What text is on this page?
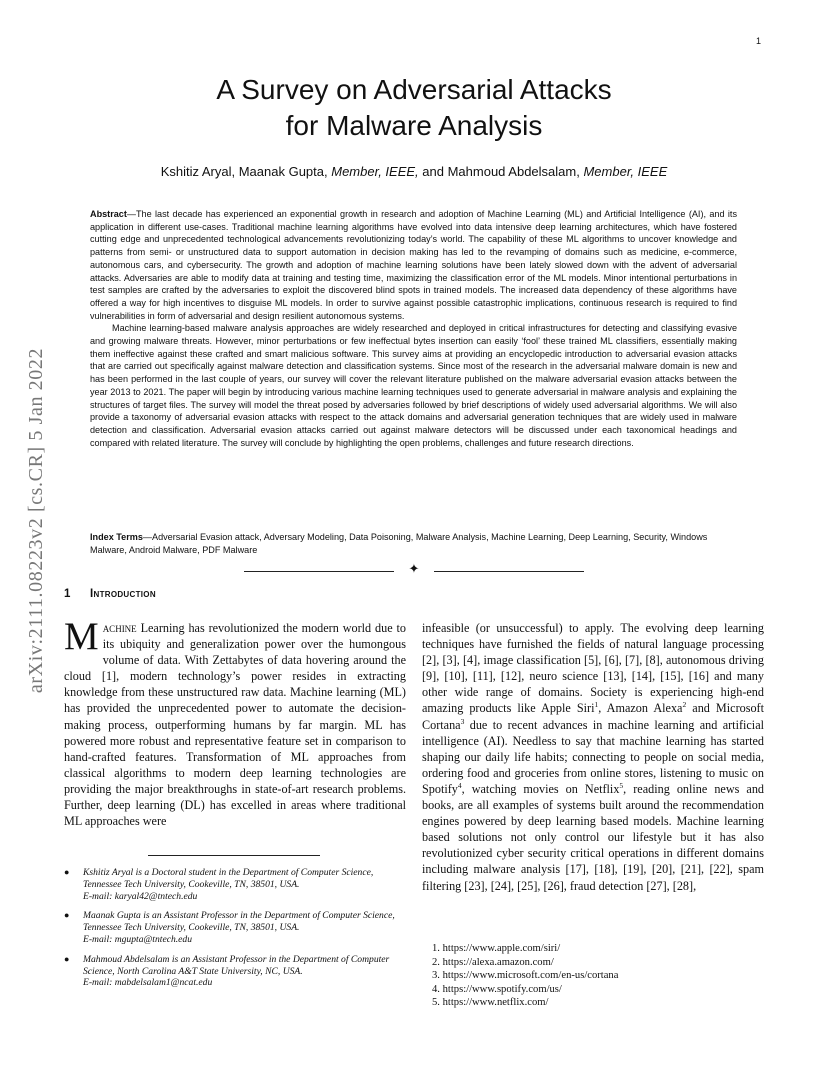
1
arXiv:2111.08223v2 [cs.CR] 5 Jan 2022
A Survey on Adversarial Attacks
for Malware Analysis

Kshitiz Aryal, Maanak Gupta, Member, IEEE, and Mahmoud Abdelsalam, Member, IEEE

Abstract—The last decade has experienced an exponential growth in research and adoption of Machine Learning (ML) and Artificial Intelligence (AI), and its application in different use-cases. Traditional machine learning algorithms have evolved into data intensive deep learning architectures, which have fostered cutting edge and unprecedented technological advancements revolutionizing today’s world. The capability of these ML algorithms to uncover knowledge and patterns from semi- or unstructured data to support automation in decision making has led to the revamping of domains such as medicine, e-commerce, autonomous cars, and cybersecurity. The growth and adoption of machine learning solutions have been lately slowed down with the advent of adversarial attacks. Adversaries are able to modify data at training and testing time, maximizing the classification error of the ML models. Minor intentional perturbations in test samples are crafted by the adversaries to exploit the discovered blind spots in trained models. The increased data dependency of these algorithms have offered a way for high incentives to disguise ML models. In order to survive against possible catastrophic implications, continuous research is required to find vulnerabilities in form of adversarial and design resilient autonomous systems.

Machine learning-based malware analysis approaches are widely researched and deployed in critical infrastructures for detecting and classifying evasive and growing malware threats. However, minor perturbations or few ineffectual bytes insertion can easily ‘fool’ these trained ML classifiers, essentially making them ineffective against these crafted and smart malicious software. This survey aims at providing an encyclopedic introduction to adversarial evasion attacks that are carried out specifically against malware detection and classification systems. Since most of the research in the adversarial malware domain is new and has been performed in the last couple of years, our survey will cover the relevant literature published on the malware adversarial evasion attacks between the year 2013 to 2021. The paper will begin by introducing various machine learning techniques used to generate adversarial in malware analysis and explaining the structures of target files. The survey will model the threat posed by adversaries followed by brief descriptions of widely used adversarial algorithms. We will also provide a taxonomy of adversarial evasion attacks with respect to the attack domains and adversarial generation techniques that are widely used in malware detection and classification. Adversarial evasion attacks carried out against malware detectors will be discussed under each taxonomical headings and compared with related literature. The survey will conclude by highlighting the open problems, challenges and future research directions.

Index Terms—Adversarial Evasion attack, Adversary Modeling, Data Poisoning, Malware Analysis, Machine Learning, Deep Learning, Security, Windows Malware, Android Malware, PDF Malware

✦
1 Introduction

Machine Learning has revolutionized the modern world due to its ubiquity and generalization power over the humongous volume of data. With Zettabytes of data hovering around the cloud [1], modern technology’s power resides in extracting knowledge from these unstructured raw data. Machine learning (ML) has provided the unprecedented power to automate the decision-making process, outperforming humans by far margin. ML has powered more robust and representative feature set in comparison to hand-crafted features. Transformation of ML approaches from classical algorithms to modern deep learning technologies are providing the major breakthroughs in state-of-art research problems. Further, deep learning (DL) has excelled in areas where traditional ML approaches were

infeasible (or unsuccessful) to apply. The evolving deep learning techniques have furnished the fields of natural language processing [2], [3], [4], image classification [5], [6], [7], [8], autonomous driving [9], [10], [11], [12], neuro science [13], [14], [15], [16] and many other wide range of domains. Society is experiencing high-end amazing products like Apple Siri$^1$, Amazon Alexa$^2$ and Microsoft Cortana$^3$ due to recent advances in machine learning and artificial intelligence (AI). Needless to say that machine learning has started shaping our daily life habits; connecting to people on social media, ordering food and groceries from online stores, listening to music on Spotify$^4$, watching movies on Netflix$^5$, reading online news and books, are all examples of systems built around the recommendation engines powered by deep learning based models. Machine learning based solutions not only control our lifestyle but it has also revolutionized cyber security critical operations in different domains including malware analysis [17], [18], [19], [20], [21], [22], spam filtering [23], [24], [25], [26], fraud detection [27], [28],

● Kshitiz Aryal is a Doctoral student in the Department of Computer Science, Tennessee Tech University, Cookeville, TN, 38501, USA.
E-mail: karyal42@tntech.edu
● Maanak Gupta is an Assistant Professor in the Department of Computer Science, Tennessee Tech University, Cookeville, TN, 38501, USA.
E-mail: mgupta@tntech.edu
● Mahmoud Abdelsalam is an Assistant Professor in the Department of Computer Science, North Carolina A&T State University, NC, USA.
E-mail: mabdelsalam1@ncat.edu
1. https://www.apple.com/siri/
2. https://alexa.amazon.com/
3. https://www.microsoft.com/en-us/cortana
4. https://www.spotify.com/us/
5. https://www.netflix.com/
